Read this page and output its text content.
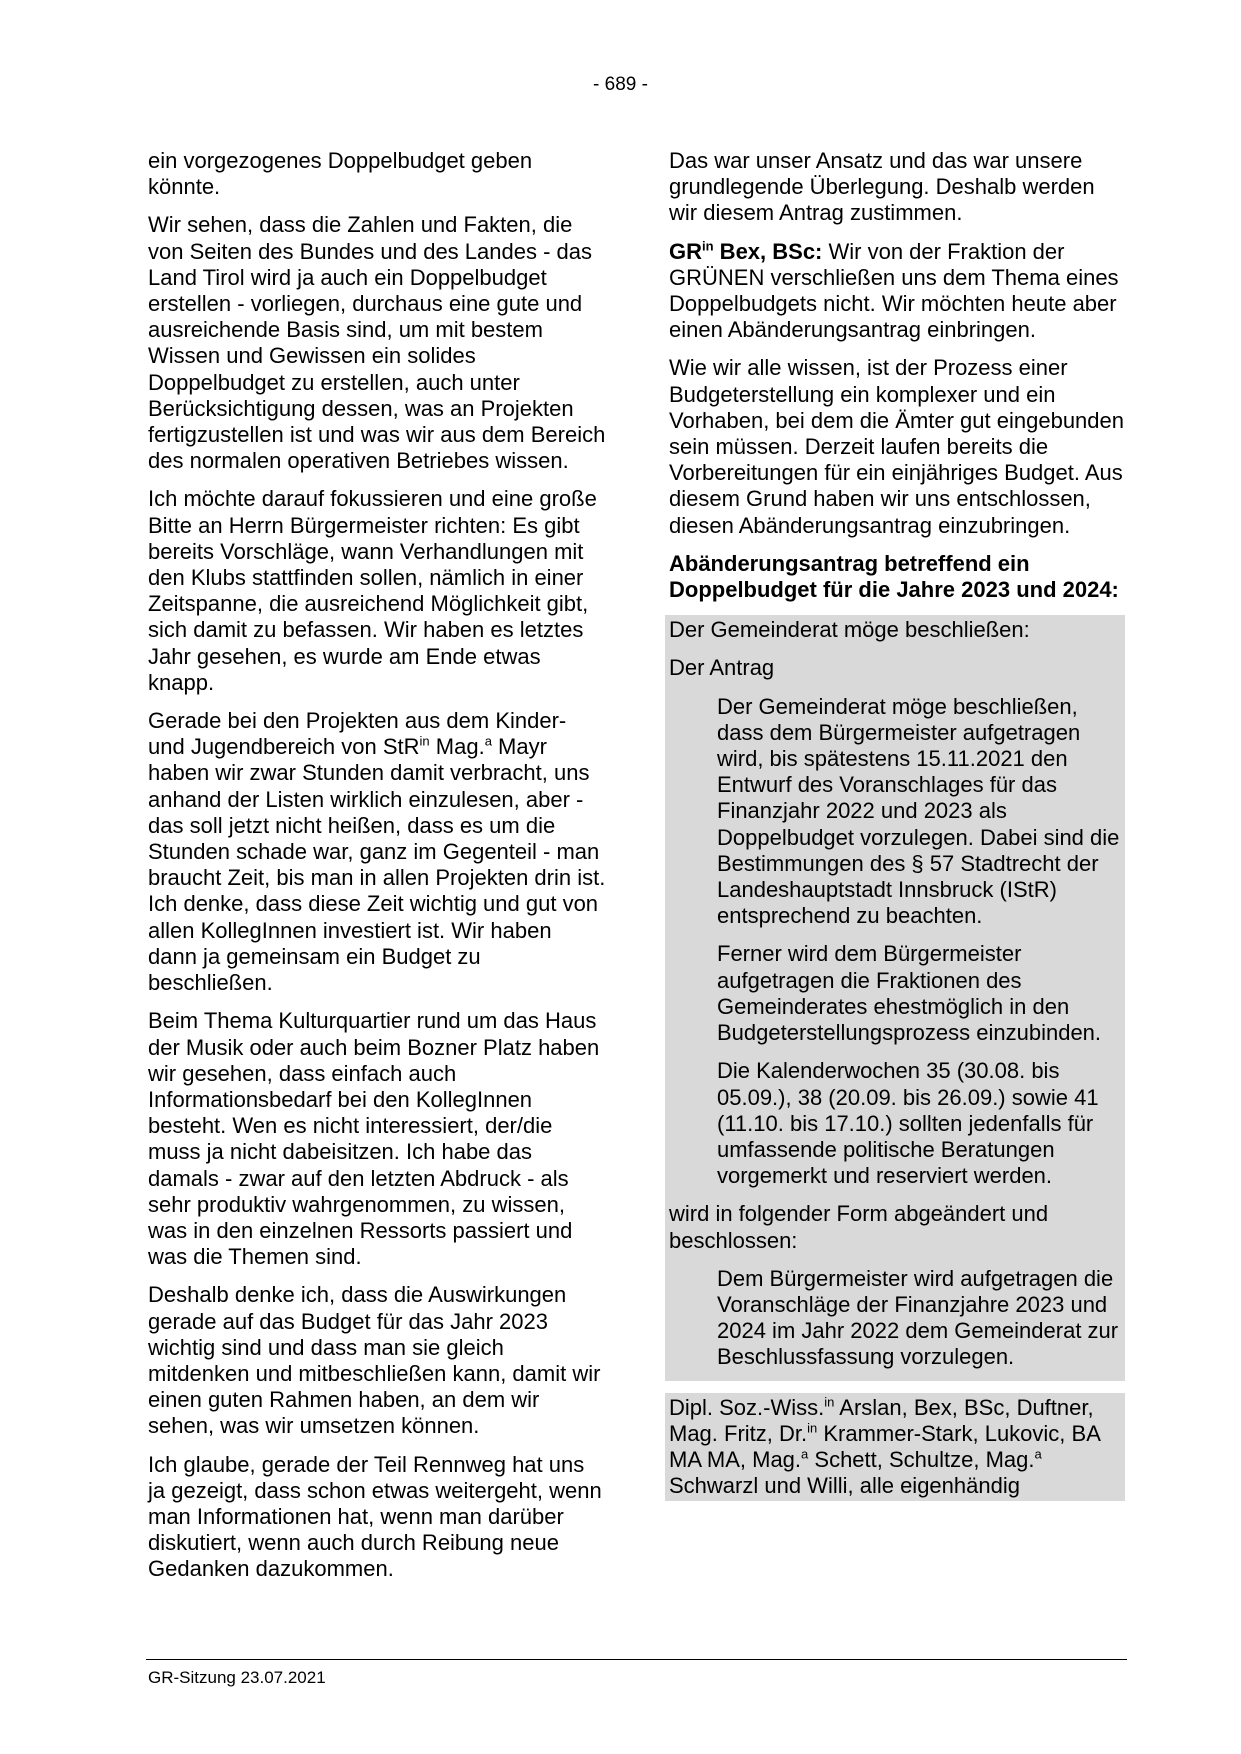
- 689 -

ein vorgezogenes Doppelbudget geben könnte.

Wir sehen, dass die Zahlen und Fakten, die von Seiten des Bundes und des Landes - das Land Tirol wird ja auch ein Doppelbudget erstellen - vorliegen, durchaus eine gute und ausreichende Basis sind, um mit bestem Wissen und Gewissen ein solides Doppelbudget zu erstellen, auch unter Berücksichtigung dessen, was an Projekten fertigzustellen ist und was wir aus dem Bereich des normalen operativen Betriebes wissen.

Ich möchte darauf fokussieren und eine große Bitte an Herrn Bürgermeister richten: Es gibt bereits Vorschläge, wann Verhandlungen mit den Klubs stattfinden sollen, nämlich in einer Zeitspanne, die ausreichend Möglichkeit gibt, sich damit zu befassen. Wir haben es letztes Jahr gesehen, es wurde am Ende etwas knapp.

Gerade bei den Projekten aus dem Kinder- und Jugendbereich von StR$^{in}$ Mag.$^a$ Mayr haben wir zwar Stunden damit verbracht, uns anhand der Listen wirklich einzulesen, aber - das soll jetzt nicht heißen, dass es um die Stunden schade war, ganz im Gegenteil - man braucht Zeit, bis man in allen Projekten drin ist. Ich denke, dass diese Zeit wichtig und gut von allen KollegInnen investiert ist. Wir haben dann ja gemeinsam ein Budget zu beschließen.

Beim Thema Kulturquartier rund um das Haus der Musik oder auch beim Bozner Platz haben wir gesehen, dass einfach auch Informationsbedarf bei den KollegInnen besteht. Wen es nicht interessiert, der/die muss ja nicht dabeisitzen. Ich habe das damals - zwar auf den letzten Abdruck - als sehr produktiv wahrgenommen, zu wissen, was in den einzelnen Ressorts passiert und was die Themen sind.

Deshalb denke ich, dass die Auswirkungen gerade auf das Budget für das Jahr 2023 wichtig sind und dass man sie gleich mitdenken und mitbeschließen kann, damit wir einen guten Rahmen haben, an dem wir sehen, was wir umsetzen können.

Ich glaube, gerade der Teil Rennweg hat uns ja gezeigt, dass schon etwas weitergeht, wenn man Informationen hat, wenn man darüber diskutiert, wenn auch durch Reibung neue Gedanken dazukommen.

Das war unser Ansatz und das war unsere grundlegende Überlegung. Deshalb werden wir diesem Antrag zustimmen.

$GR^{in}$ Bex, BSc: Wir von der Fraktion der GRÜNEN verschließen uns dem Thema eines Doppelbudgets nicht. Wir möchten heute aber einen Abänderungsantrag einbringen.

Wie wir alle wissen, ist der Prozess einer Budgeterstellung ein komplexer und ein Vorhaben, bei dem die Ämter gut eingebunden sein müssen. Derzeit laufen bereits die Vorbereitungen für ein einjähriges Budget. Aus diesem Grund haben wir uns entschlossen, diesen Abänderungsantrag einzubringen.

Abänderungsantrag betreffend ein Doppelbudget für die Jahre 2023 und 2024:

Der Gemeinderat möge beschließen:

Der Antrag

Der Gemeinderat möge beschließen, dass dem Bürgermeister aufgetragen wird, bis spätestens 15.11.2021 den Entwurf des Voranschlages für das Finanzjahr 2022 und 2023 als Doppelbudget vorzulegen. Dabei sind die Bestimmungen des § 57 Stadtrecht der Landeshauptstadt Innsbruck (IStR) entsprechend zu beachten.

Ferner wird dem Bürgermeister aufgetragen die Fraktionen des Gemeinderates ehestmöglich in den Budgeterstellungsprozess einzubinden.

Die Kalenderwochen 35 (30.08. bis 05.09.), 38 (20.09. bis 26.09.) sowie 41 (11.10. bis 17.10.) sollten jedenfalls für umfassende politische Beratungen vorgemerkt und reserviert werden.

wird in folgender Form abgeändert und beschlossen:

Dem Bürgermeister wird aufgetragen die Voranschläge der Finanzjahre 2023 und 2024 im Jahr 2022 dem Gemeinderat zur Beschlussfassung vorzulegen.

Dipl. Soz.-Wiss.$^{in}$ Arslan, Bex, BSc, Duftner, Mag. Fritz, Dr.$^{in}$ Krammer-Stark, Lukovic, BA MA MA, Mag.$^a$ Schett, Schultze, Mag.$^a$ Schwarzl und Willi, alle eigenhändig
GR-Sitzung 23.07.2021
